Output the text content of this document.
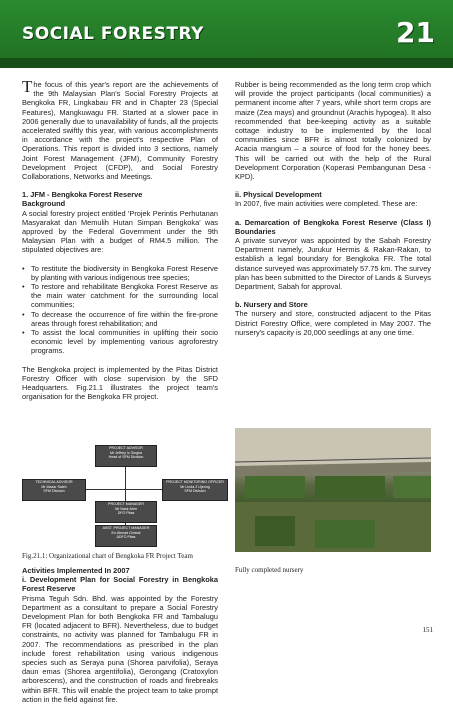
SOCIAL FORESTRY	21

The focus of this year's report are the achievements of the 9th Malaysian Plan's Social Forestry Projects at Bengkoka FR, Lingkabau FR and in Chapter 23 (Special Features), Mangkuwagu FR. Started at a slower pace in 2006 generally due to unavailability of funds, all the projects accelerated swiftly this year, with various accomplishments in accordance with the project's respective Plan of Operations. This report is divided into 3 sections, namely Joint Forest Management (JFM), Community Forestry Development Project (CFDP), and Social Forestry Collaborations, Networks and Meetings.

1. JFM - Bengkoka Forest Reserve
Background

A social forestry project entitled 'Projek Perintis Perhutanan Masyarakat dan Memulih Hutan Simpan Bengkoka' was approved by the Federal Government under the 9th Malaysian Plan with a budget of RM4.5 million. The stipulated objectives are:

• To restitute the biodiversity in Bengkoka Forest Reserve by planting with various indigenous tree species;
• To restore and rehabilitate Bengkoka Forest Reserve as the main water catchment for the surrounding local communities;
• To decrease the occurrence of fire within the fire-prone areas through forest rehabilitation; and
• To assist the local communities in uplifting their socio economic level by implementing various agroforestry programs.

The Bengkoka project is implemented by the Pitas District Forestry Officer with close supervision by the SFD Headquarters. Fig.21.1 illustrates the project team's organisation for the Bengkoka FR project.

PROJECT ADVISOR
Mr Jeffrey Iz Gingka
Head of SFM Division
TECHNICAL ADVISOR
Mr Mazar Saleh
SFM Division
PROJECT MONITORING OFFICER
Mr Linda Z Ujeong
SFM Division
PROJECT MANAGER
Mr Nasir Ahm
DFO Pitas
ASST. PROJECT MANAGER
En Ahmad Gimbal
ADFO Pitas
Fig.21.1: Organizational chart of Bengkoka FR Project Team
Activities Implemented In 2007
i. Development Plan for Social Forestry in Bengkoka Forest Reserve

Prisma Teguh Sdn. Bhd. was appointed by the Forestry Department as a consultant to prepare a Social Forestry Development Plan for both Bengkoka FR and Tambalugu FR (located adjacent to BFR). Nevertheless, due to budget constraints, no activity was planned for Tambalugu FR in 2007. The recommendations as prescribed in the plan include forest rehabilitation using various indigenous species such as Seraya puna (Shorea parvifolia), Seraya daun emas (Shorea argentifolia), Gerongang (Cratoxylon arborescens), and the construction of roads and firebreaks within BFR. This will enable the project team to take prompt action in the field against fire.

Rubber is being recommended as the long term crop which will provide the project participants (local communities) a permanent income after 7 years, while short term crops are maize (Zea mays) and groundnut (Arachis hypogea). It also recommended that bee-keeping activity as a suitable cottage industry to be implemented by the local communities since BFR is almost totally colonized by Acacia mangium – a source of food for the honey bees. This will be carried out with the help of the Rural Development Corporation (Koperasi Pembangunan Desa -KPD).

ii. Physical Development

In 2007, five main activities were completed. These are:

a. Demarcation of Bengkoka Forest Reserve (Class I) Boundaries

A private surveyor was appointed by the Sabah Forestry Department namely, Jurukur Hermis & Rakan-Rakan, to establish a legal boundary for Bengkoka FR. The total distance surveyed was approximately 57.75 km. The survey plan has been submitted to the Director of Lands & Surveys Department, Sabah for approval.

b. Nursery and Store

The nursery and store, constructed adjacent to the Pitas District Forestry Office, were completed in May 2007. The nursery's capacity is 20,000 seedlings at any one time.

Fully completed nursery
151
